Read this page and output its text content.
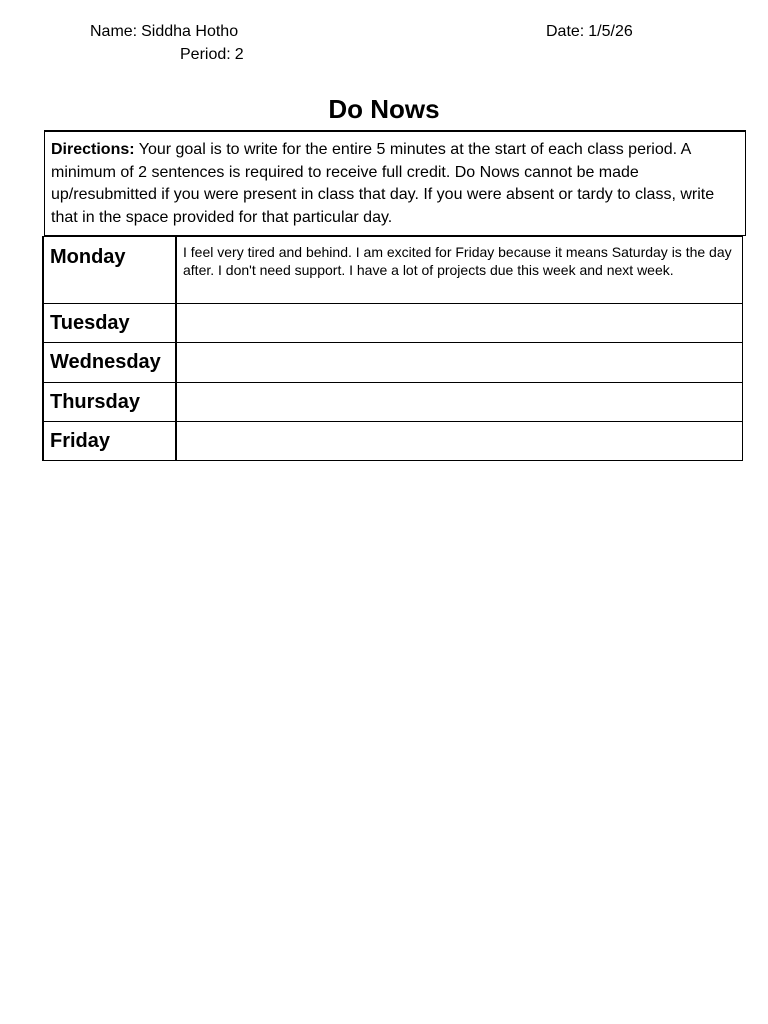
Name: Siddha Hotho
Period: 2
Date: 1/5/26
Do Nows
Directions: Your goal is to write for the entire 5 minutes at the start of each class period. A minimum of 2 sentences is required to receive full credit. Do Nows cannot be made up/resubmitted if you were present in class that day. If you were absent or tardy to class, write that in the space provided for that particular day.
Monday	I feel very tired and behind. I am excited for Friday because it means Saturday is the day after. I don't need support. I have a lot of projects due this week and next week.
Tuesday	
Wednesday	
Thursday	
Friday	
